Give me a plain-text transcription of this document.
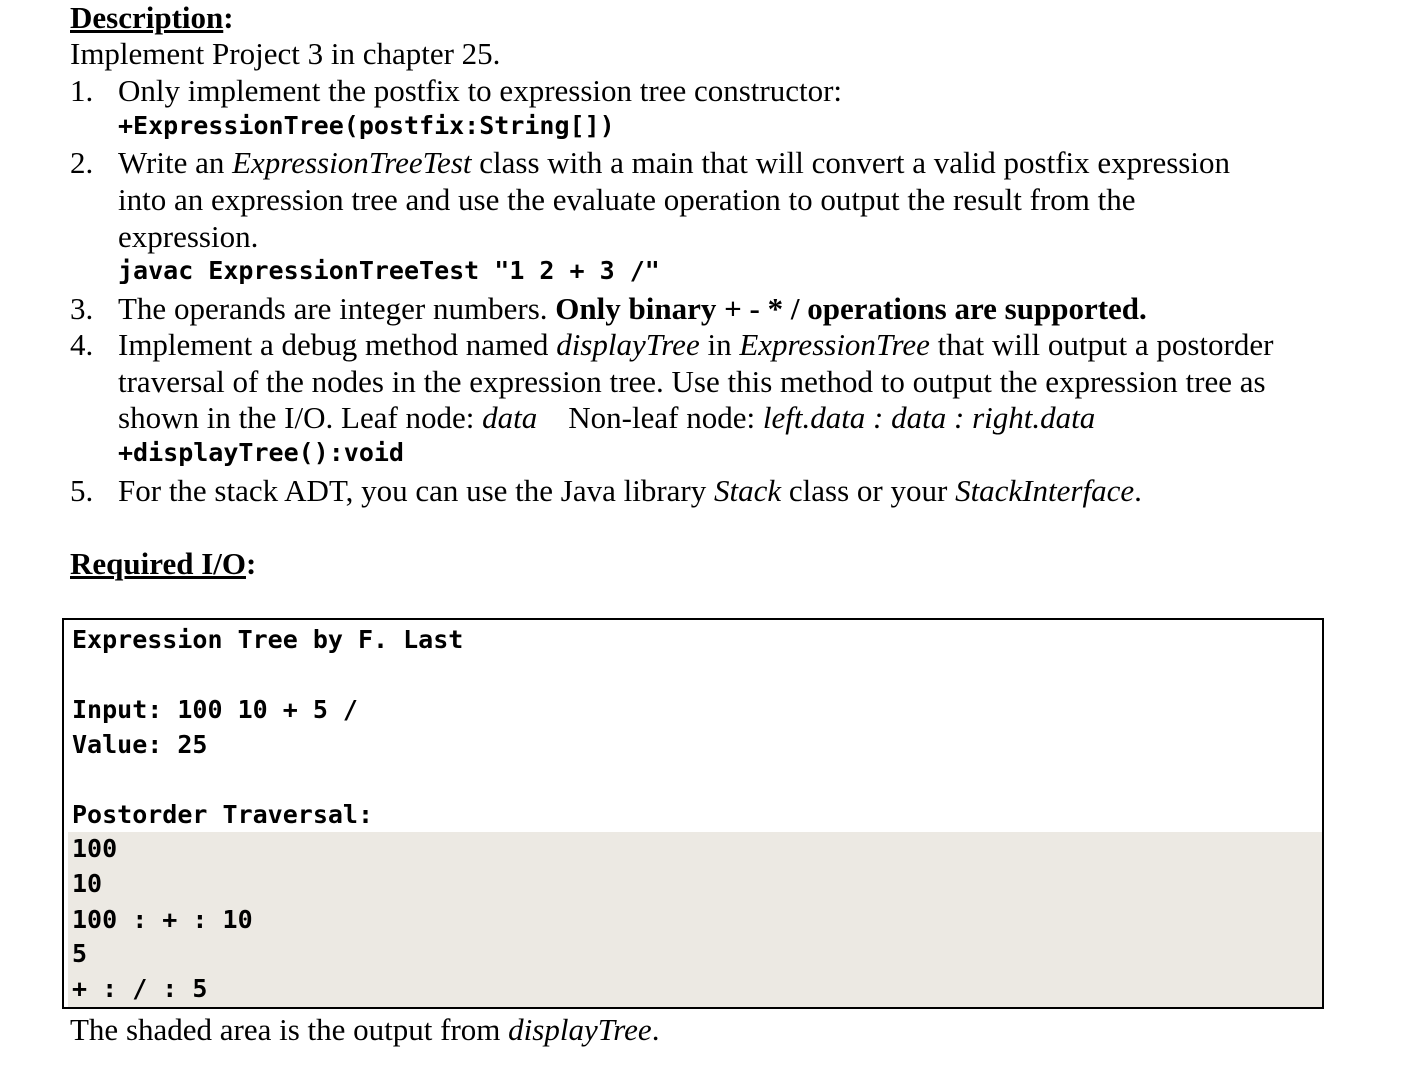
Description:
Implement Project 3 in chapter 25.
1. Only implement the postfix to expression tree constructor:
+ExpressionTree(postfix:String[])
2. Write an ExpressionTreeTest class with a main that will convert a valid postfix expression
into an expression tree and use the evaluate operation to output the result from the
expression.
javac ExpressionTreeTest "1 2 + 3 /"
3. The operands are integer numbers. Only binary + - * / operations are supported.
4. Implement a debug method named displayTree in ExpressionTree that will output a postorder
traversal of the nodes in the expression tree. Use this method to output the expression tree as
shown in the I/O. Leaf node: data    Non-leaf node: left.data : data : right.data
+displayTree():void
5. For the stack ADT, you can use the Java library Stack class or your StackInterface.
Required I/O:
Expression Tree by F. Last
Input: 100 10 + 5 /
Value: 25
Postorder Traversal:
100
10
100 : + : 10
5
+ : / : 5
The shaded area is the output from displayTree.
